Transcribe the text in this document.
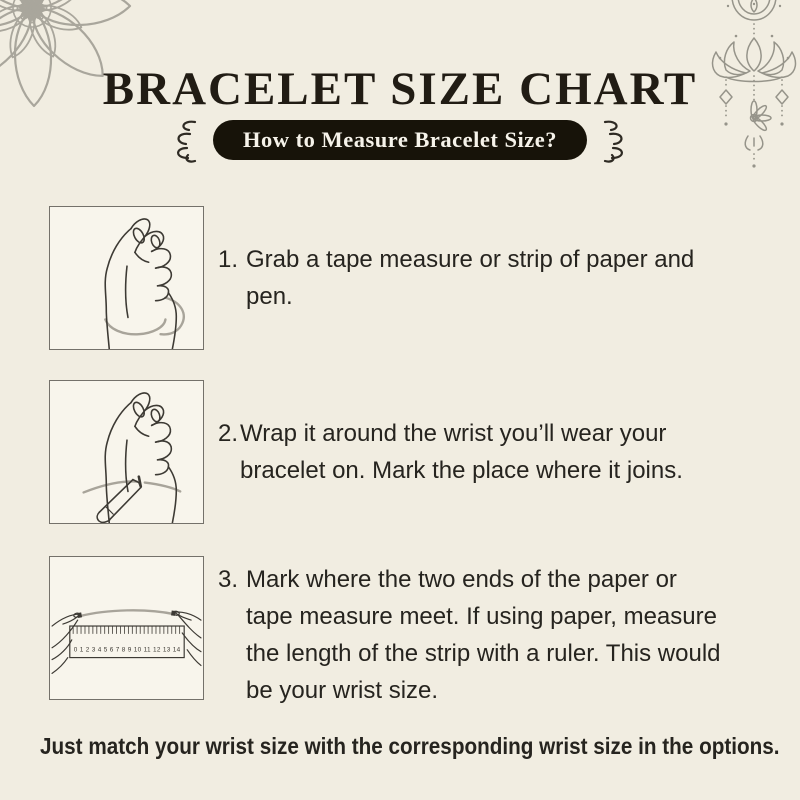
BRACELET SIZE CHART
How to Measure Bracelet Size?
1. Grab a tape measure or strip of paper and pen.
2. Wrap it around the wrist you’ll wear your bracelet on. Mark the place where it joins.
0 1 2 3 4 5 6 7 8 9 10 11 12 13 14
3. Mark where the two ends of the paper or tape measure meet. If using paper, measure the length of the strip with a ruler. This would be your wrist size.
Just match your wrist size with the corresponding wrist size in the options.
